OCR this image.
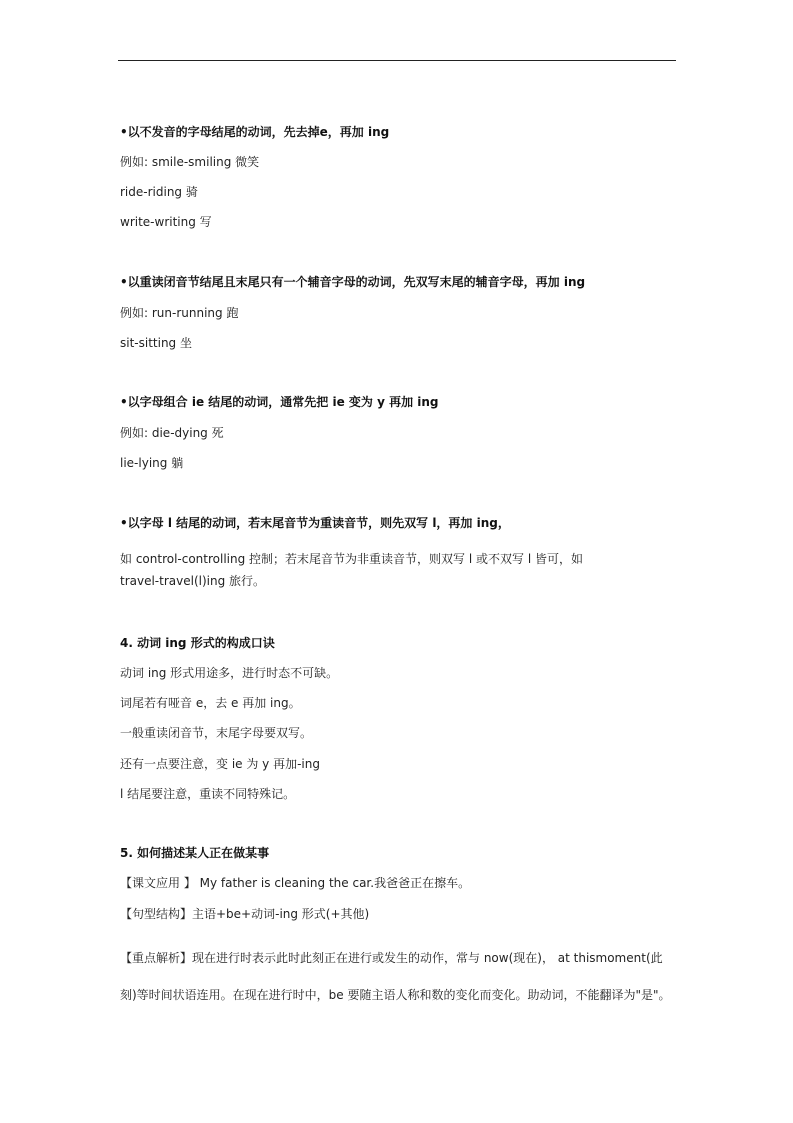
•以不发音的字母结尾的动词，先去掉e，再加 ing
例如: smile-smiling 微笑
ride-riding 骑
write-writing 写
•以重读闭音节结尾且末尾只有一个辅音字母的动词，先双写末尾的辅音字母，再加 ing
例如: run-running 跑
sit-sitting 坐
•以字母组合 ie 结尾的动词，通常先把 ie 变为 y 再加 ing
例如: die-dying 死
lie-lying 躺
•以字母 l 结尾的动词，若末尾音节为重读音节，则先双写 l，再加 ing，
如 control-controlling 控制；若末尾音节为非重读音节，则双写 l 或不双写 l 皆可，如
travel-travel(l)ing 旅行。
4. 动词 ing 形式的构成口诀
动词 ing 形式用途多，进行时态不可缺。
词尾若有哑音 e，去 e 再加 ing。
一般重读闭音节，末尾字母要双写。
还有一点要注意，变 ie 为 y 再加-ing
l 结尾要注意，重读不同特殊记。
5. 如何描述某人正在做某事
【课文应用 】 My father is cleaning the car.我爸爸正在擦车。
【句型结构】主语+be+动词-ing 形式(+其他)
【重点解析】现在进行时表示此时此刻正在进行或发生的动作，常与 now(现在)， at thismoment(此
刻)等时间状语连用。在现在进行时中，be 要随主语人称和数的变化而变化。助动词，不能翻译为"是"。
